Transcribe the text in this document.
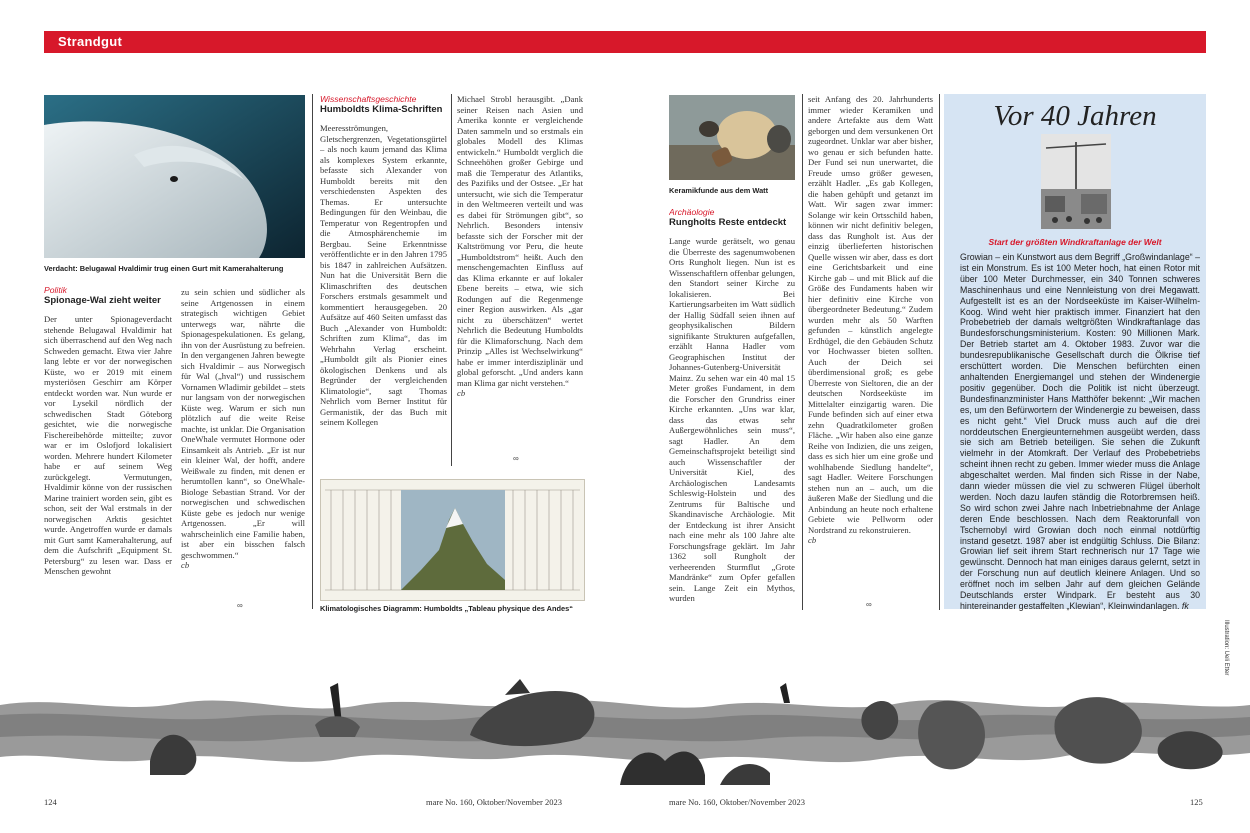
Strandgut
Verdacht: Belugawal Hvaldimir trug einen Gurt mit Kamerahalterung
Politik
Spionage-Wal zieht weiter

Der unter Spionageverdacht stehende Belugawal Hvaldimir hat sich überraschend auf den Weg nach Schweden gemacht. Etwa vier Jahre lang lebte er vor der norwegischen Küste, wo er 2019 mit einem mysteriösen Geschirr am Körper entdeckt worden war. Nun wurde er vor Lysekil nördlich der schwedischen Stadt Göteborg gesichtet, wie die norwegische Fischereibehörde mitteilte; zuvor war er im Oslofjord lokalisiert worden. Mehrere hundert Kilometer habe er auf seinem Weg zurückgelegt. Vermutungen, Hvaldimir könne von der russischen Marine trainiert worden sein, gibt es schon, seit der Wal erstmals in der norwegischen Arktis gesichtet wurde. Angetroffen wurde er damals mit Gurt samt Kamerahalterung, auf dem die Aufschrift „Equipment St. Petersburg“ zu lesen war. Dass er Menschen gewohnt

zu sein schien und südlicher als seine Artgenossen in einem strategisch wichtigen Gebiet unterwegs war, nährte die Spionagespekulationen. Es gelang, ihn von der Ausrüstung zu befreien. In den vergangenen Jahren bewegte sich Hvaldimir – aus Norwegisch für Wal („hval“) und russischem Vornamen Wladimir gebildet – stets nur langsam von der norwegischen Küste weg. Warum er sich nun plötzlich auf die weite Reise machte, ist unklar. Die Organisation OneWhale vermutet Hormone oder Einsamkeit als Antrieb. „Er ist nur ein kleiner Wal, der hofft, andere Weißwale zu finden, mit denen er herumtollen kann“, so OneWhale-Biologe Sebastian Strand. Vor der norwegischen und schwedischen Küste gebe es jedoch nur wenige Artgenossen. „Er will wahrscheinlich eine Familie haben, ist aber ein bisschen falsch geschwommen.“

cb

∞
Wissenschaftsgeschichte
Humboldts Klima-Schriften

Meeresströmungen, Gletschergrenzen, Vegetationsgürtel – als noch kaum jemand das Klima als komplexes System erkannte, befasste sich Alexander von Humboldt bereits mit den verschiedensten Aspekten des Themas. Er untersuchte Bedingungen für den Weinbau, die Temperatur von Regentropfen und die Atmosphärenchemie im Bergbau. Seine Erkenntnisse veröffentlichte er in den Jahren 1795 bis 1847 in zahlreichen Aufsätzen. Nun hat die Universität Bern die Klimaschriften des deutschen Forschers erstmals gesammelt und kommentiert herausgegeben. 20 Aufsätze auf 460 Seiten umfasst das Buch „Alexander von Humboldt: Schriften zum Klima“, das im Wehrhahn Verlag erscheint. „Humboldt gilt als Pionier eines ökologischen Denkens und als Begründer der vergleichenden Klimatologie“, sagt Thomas Nehrlich vom Berner Institut für Germanistik, der das Buch mit seinem Kollegen

Michael Strobl herausgibt. „Dank seiner Reisen nach Asien und Amerika konnte er vergleichende Daten sammeln und so erstmals ein globales Modell des Klimas entwickeln.“ Humboldt verglich die Schneehöhen großer Gebirge und maß die Temperatur des Atlantiks, des Pazifiks und der Ostsee. „Er hat untersucht, wie sich die Temperatur in den Weltmeeren verteilt und was es dabei für Strömungen gibt“, so Nehrlich. Besonders intensiv befasste sich der Forscher mit der Kaltströmung vor Peru, die heute „Humboldtstrom“ heißt. Auch den menschengemachten Einfluss auf das Klima erkannte er auf lokaler Ebene bereits – etwa, wie sich Rodungen auf die Regenmenge einer Region auswirken. Als „gar nicht zu überschätzen“ wertet Nehrlich die Bedeutung Humboldts für die Klimaforschung. Nach dem Prinzip „Alles ist Wechselwirkung“ habe er immer interdisziplinär und global geforscht. „Und anders kann man Klima gar nicht verstehen.“

cb

∞
Klimatologisches Diagramm: Humboldts „Tableau physique des Andes“
Keramikfunde aus dem Watt
Archäologie
Rungholts Reste entdeckt

Lange wurde gerätselt, wo genau die Überreste des sagenumwobenen Orts Rungholt liegen. Nun ist es Wissenschaftlern offenbar gelungen, den Standort seiner Kirche zu lokalisieren. Bei Kartierungsarbeiten im Watt südlich der Hallig Südfall seien ihnen auf geophysikalischen Bildern signifikante Strukturen aufgefallen, erzählt Hanna Hadler vom Geographischen Institut der Johannes-Gutenberg-Universität Mainz. Zu sehen war ein 40 mal 15 Meter großes Fundament, in dem die Forscher den Grundriss einer Kirche erkannten. „Uns war klar, dass das etwas sehr Außergewöhnliches sein muss“, sagt Hadler. An dem Gemeinschaftsprojekt beteiligt sind auch Wissenschaftler der Universität Kiel, des Archäologischen Landesamts Schleswig-Holstein und des Zentrums für Baltische und Skandinavische Archäologie. Mit der Entdeckung ist ihrer Ansicht nach eine mehr als 100 Jahre alte Forschungsfrage geklärt. Im Jahr 1362 soll Rungholt der verheerenden Sturmflut „Grote Mandränke“ zum Opfer gefallen sein. Lange Zeit ein Mythos, wurden

seit Anfang des 20. Jahrhunderts immer wieder Keramiken und andere Artefakte aus dem Watt geborgen und dem versunkenen Ort zugeordnet. Unklar war aber bisher, wo genau er sich befunden hatte. Der Fund sei nun unerwartet, die Freude umso größer gewesen, erzählt Hadler. „Es gab Kollegen, die haben gehüpft und getanzt im Watt. Wir sagen zwar immer: Solange wir kein Ortsschild haben, können wir nicht definitiv belegen, dass das Rungholt ist. Aus der einzig überlieferten historischen Quelle wissen wir aber, dass es dort eine Gerichtsbarkeit und eine Kirche gab – und mit Blick auf die Größe des Fundaments haben wir hier definitiv eine Kirche von übergeordneter Bedeutung.“ Zudem wurden mehr als 50 Warften gefunden – künstlich angelegte Erdhügel, die den Gebäuden Schutz vor Hochwasser bieten sollten. Auch der Deich sei überdimensional groß; es gebe Überreste von Sieltoren, die an der deutschen Nordseeküste im Mittelalter einzigartig waren. Die Funde befinden sich auf einer etwa zehn Quadratkilometer großen Fläche. „Wir haben also eine ganze Reihe von Indizien, die uns zeigen, dass es sich hier um eine große und wohlhabende Siedlung handelte“, sagt Hadler. Weitere Forschungen stehen nun an – auch, um die äußeren Maße der Siedlung und die Anbindung an heute noch erhaltene Gebiete wie Pellworm oder Nordstrand zu rekonstruieren.

cb

∞
Vor 40 Jahren
Start der größten Windkraftanlage der Welt

Growian – ein Kunstwort aus dem Begriff „Großwindanlage“ – ist ein Monstrum. Es ist 100 Meter hoch, hat einen Rotor mit über 100 Meter Durchmesser, ein 340 Tonnen schweres Maschinenhaus und eine Nennleistung von drei Megawatt. Aufgestellt ist es an der Nordseeküste im Kaiser-Wilhelm-Koog. Wind weht hier praktisch immer. Finanziert hat den Probebetrieb der damals weltgrößten Windkraftanlage das Bundesforschungsministerium. Kosten: 90 Millionen Mark. Der Betrieb startet am 4. Oktober 1983. Zuvor war die bundesrepublikanische Gesellschaft durch die Ölkrise tief erschüttert worden. Die Menschen befürchten einen anhaltenden Energiemangel und stehen der Windenergie positiv gegenüber. Doch die Politik ist nicht überzeugt. Bundesfinanzminister Hans Matthöfer bekennt: „Wir machen es, um den Befürwortern der Windenergie zu beweisen, dass es nicht geht.“ Viel Druck muss auch auf die drei norddeutschen Energieunternehmen ausgeübt werden, dass sie sich am Betrieb beteiligen. Sie sehen die Zukunft vielmehr in der Atomkraft. Der Verlauf des Probebetriebs scheint ihnen recht zu geben. Immer wieder muss die Anlage abgeschaltet werden. Mal finden sich Risse in der Nabe, dann wieder müssen die viel zu schweren Flügel überholt werden. Noch dazu laufen ständig die Rotorbremsen heiß. So wird schon zwei Jahre nach Inbetriebnahme der Anlage deren Ende beschlossen. Nach dem Reaktorunfall von Tschernobyl wird Growian doch noch einmal notdürftig instand gesetzt. 1987 aber ist endgültig Schluss. Die Bilanz: Growian lief seit ihrem Start rechnerisch nur 17 Tage wie gewünscht. Dennoch hat man einiges daraus gelernt, setzt in der Forschung nun auf deutlich kleinere Anlagen. Und so eröffnet noch im selben Jahr auf dem gleichen Gelände Deutschlands erster Windpark. Er besteht aus 30 hintereinander gestaffelten „Klewian“, Kleinwindanlagen. fk

Illustration: Ueli Etter
124	mare No. 160, Oktober/November 2023	mare No. 160, Oktober/November 2023	125
